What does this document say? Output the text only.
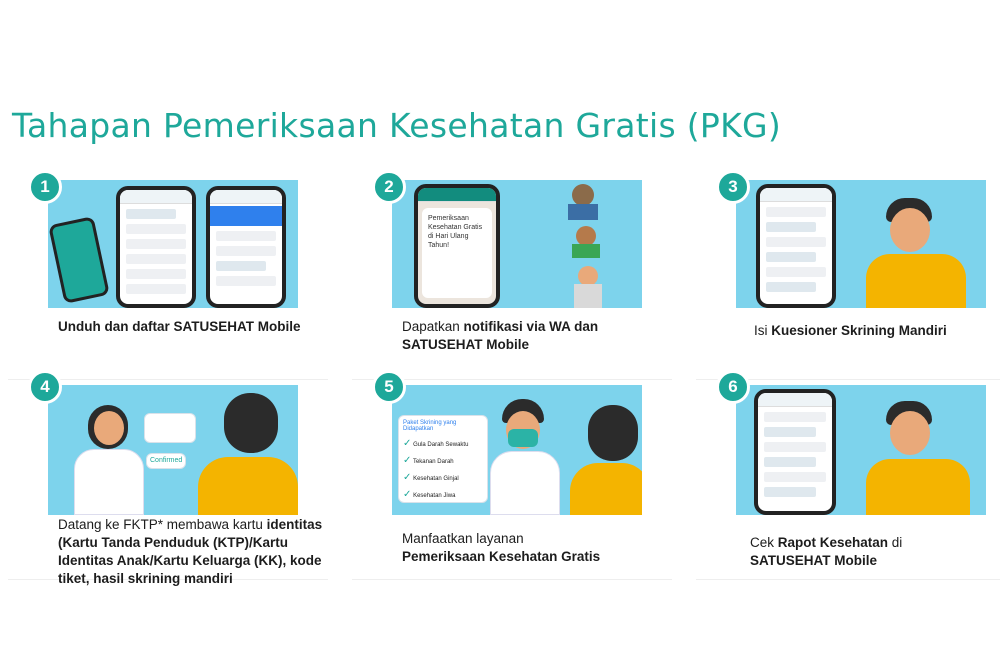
Tahapan Pemeriksaan Kesehatan Gratis (PKG)
1
Unduh dan daftar SATUSEHAT Mobile
2
Pemeriksaan Kesehatan Gratis di Hari Ulang Tahun!
Dapatkan notifikasi via WA dan SATUSEHAT Mobile
3
Isi Kuesioner Skrining Mandiri
4
Confirmed
Datang ke FKTP* membawa kartu identitas (Kartu Tanda Penduduk (KTP)/Kartu Identitas Anak/Kartu Keluarga (KK), kode tiket, hasil skrining mandiri
5
Paket Skrining yang Didapatkan
✓ Gula Darah Sewaktu
✓ Tekanan Darah
✓ Kesehatan Ginjal
✓ Kesehatan Jiwa
Manfaatkan layanan
Pemeriksaan Kesehatan Gratis
6
Cek Rapot Kesehatan di
SATUSEHAT Mobile
